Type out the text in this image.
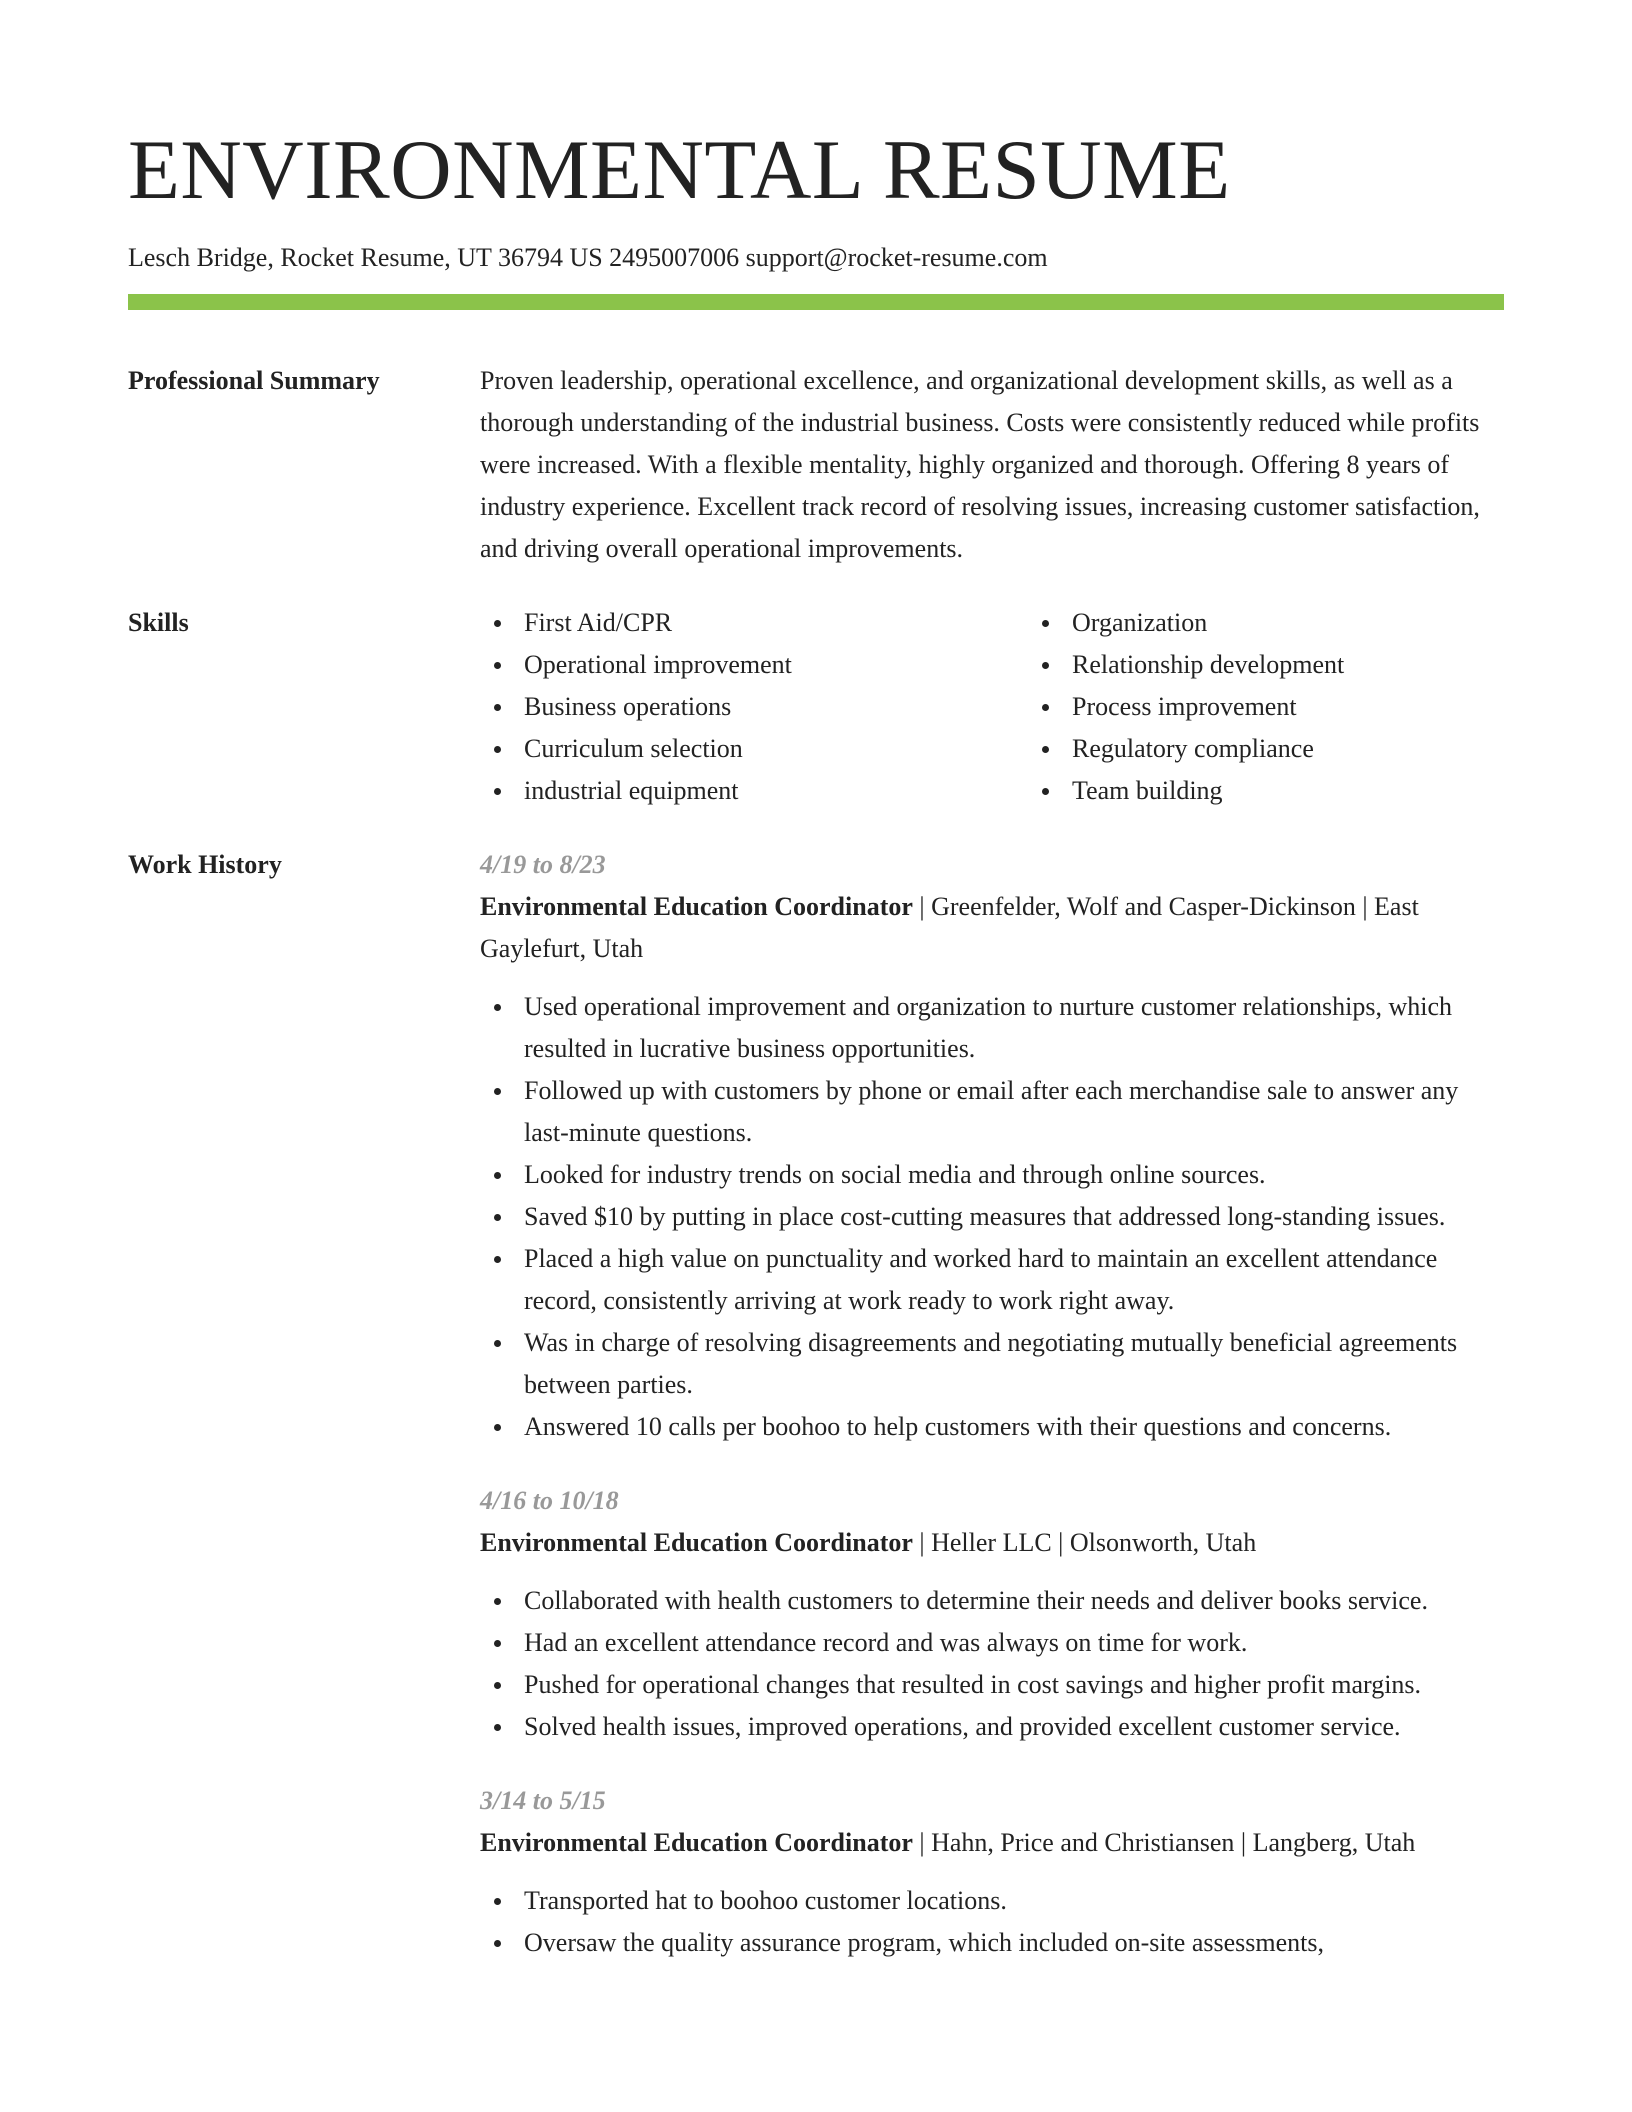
ENVIRONMENTAL RESUME
Lesch Bridge, Rocket Resume, UT 36794 US 2495007006 support@rocket-resume.com
Professional Summary	Proven leadership, operational excellence, and organizational development skills, as well as a thorough understanding of the industrial business. Costs were consistently reduced while profits were increased. With a flexible mentality, highly organized and thorough. Offering 8 years of industry experience. Excellent track record of resolving issues, increasing customer satisfaction, and driving overall operational improvements.

Skills	First Aid/CPR
Operational improvement
Business operations
Curriculum selection
industrial equipment
Organization
Relationship development
Process improvement
Regulatory compliance
Team building
Work History	4/19 to 8/23
Environmental Education Coordinator | Greenfelder, Wolf and Casper-Dickinson | East Gaylefurt, Utah
Used operational improvement and organization to nurture customer relationships, which resulted in lucrative business opportunities.
Followed up with customers by phone or email after each merchandise sale to answer any last-minute questions.
Looked for industry trends on social media and through online sources.
Saved $10 by putting in place cost-cutting measures that addressed long-standing issues.
Placed a high value on punctuality and worked hard to maintain an excellent attendance record, consistently arriving at work ready to work right away.
Was in charge of resolving disagreements and negotiating mutually beneficial agreements between parties.
Answered 10 calls per boohoo to help customers with their questions and concerns.
4/16 to 10/18
Environmental Education Coordinator | Heller LLC | Olsonworth, Utah
Collaborated with health customers to determine their needs and deliver books service.
Had an excellent attendance record and was always on time for work.
Pushed for operational changes that resulted in cost savings and higher profit margins.
Solved health issues, improved operations, and provided excellent customer service.
3/14 to 5/15
Environmental Education Coordinator | Hahn, Price and Christiansen | Langberg, Utah
Transported hat to boohoo customer locations.
Oversaw the quality assurance program, which included on-site assessments,
